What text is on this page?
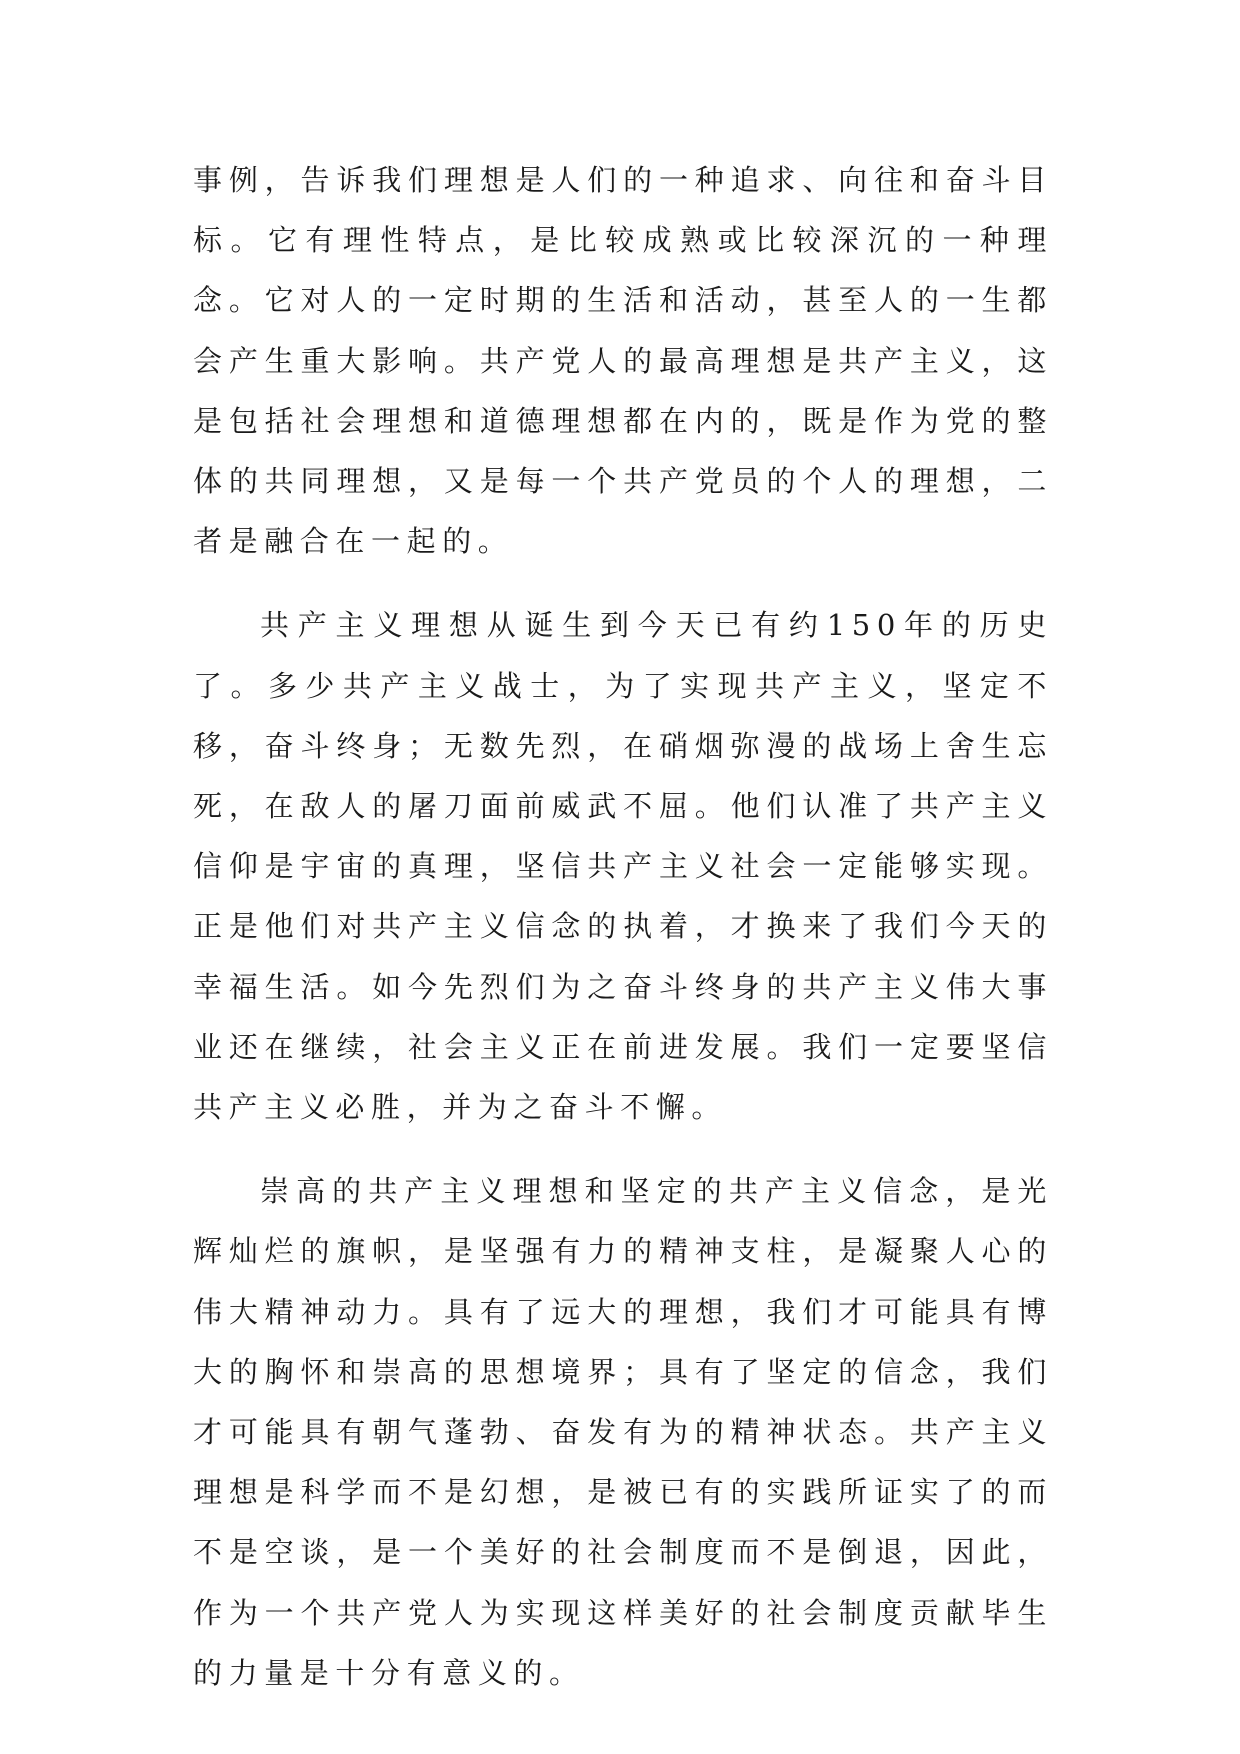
事例，告诉我们理想是人们的一种追求、向往和奋斗目标。它有理性特点，是比较成熟或比较深沉的一种理念。它对人的一定时期的生活和活动，甚至人的一生都会产生重大影响。共产党人的最高理想是共产主义，这是包括社会理想和道德理想都在内的，既是作为党的整体的共同理想，又是每一个共产党员的个人的理想，二者是融合在一起的。

共产主义理想从诞生到今天已有约150年的历史了。多少共产主义战士，为了实现共产主义，坚定不移，奋斗终身；无数先烈，在硝烟弥漫的战场上舍生忘死，在敌人的屠刀面前威武不屈。他们认准了共产主义信仰是宇宙的真理，坚信共产主义社会一定能够实现。正是他们对共产主义信念的执着，才换来了我们今天的幸福生活。如今先烈们为之奋斗终身的共产主义伟大事业还在继续，社会主义正在前进发展。我们一定要坚信共产主义必胜，并为之奋斗不懈。

崇高的共产主义理想和坚定的共产主义信念，是光辉灿烂的旗帜，是坚强有力的精神支柱，是凝聚人心的伟大精神动力。具有了远大的理想，我们才可能具有博大的胸怀和崇高的思想境界；具有了坚定的信念，我们才可能具有朝气蓬勃、奋发有为的精神状态。共产主义理想是科学而不是幻想，是被已有的实践所证实了的而不是空谈，是一个美好的社会制度而不是倒退，因此，作为一个共产党人为实现这样美好的社会制度贡献毕生的力量是十分有意义的。
